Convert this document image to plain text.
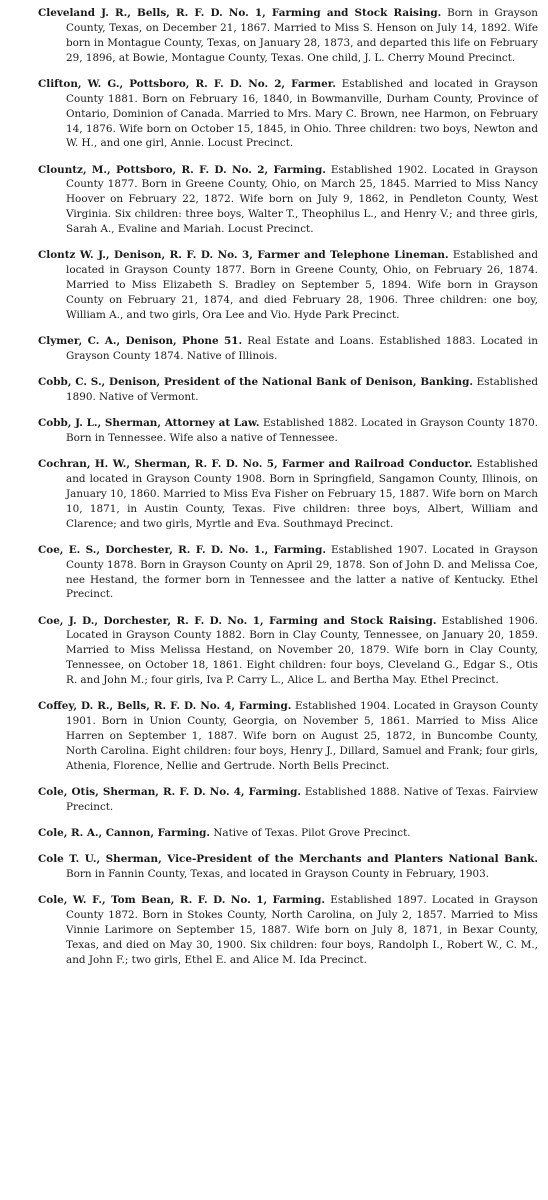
Cleveland J. R., Bells, R. F. D. No. 1, Farming and Stock Raising. Born in Grayson County, Texas, on December 21, 1867. Married to Miss S. Henson on July 14, 1892. Wife born in Montague County, Texas, on January 28, 1873, and departed this life on February 29, 1896, at Bowie, Montague County, Texas. One child, J. L. Cherry Mound Precinct.

Clifton, W. G., Pottsboro, R. F. D. No. 2, Farmer. Established and located in Grayson County 1881. Born on February 16, 1840, in Bowmanville, Durham County, Province of Ontario, Dominion of Canada. Married to Mrs. Mary C. Brown, nee Harmon, on February 14, 1876. Wife born on October 15, 1845, in Ohio. Three children: two boys, Newton and W. H., and one girl, Annie. Locust Precinct.

Clountz, M., Pottsboro, R. F. D. No. 2, Farming. Established 1902. Located in Grayson County 1877. Born in Greene County, Ohio, on March 25, 1845. Married to Miss Nancy Hoover on February 22, 1872. Wife born on July 9, 1862, in Pendleton County, West Virginia. Six children: three boys, Walter T., Theophilus L., and Henry V.; and three girls, Sarah A., Evaline and Mariah. Locust Precinct.

Clontz W. J., Denison, R. F. D. No. 3, Farmer and Telephone Lineman. Established and located in Grayson County 1877. Born in Greene County, Ohio, on February 26, 1874. Married to Miss Elizabeth S. Bradley on September 5, 1894. Wife born in Grayson County on February 21, 1874, and died February 28, 1906. Three children: one boy, William A., and two girls, Ora Lee and Vio. Hyde Park Precinct.

Clymer, C. A., Denison, Phone 51. Real Estate and Loans. Established 1883. Located in Grayson County 1874. Native of Illinois.

Cobb, C. S., Denison, President of the National Bank of Denison, Banking. Established 1890. Native of Vermont.

Cobb, J. L., Sherman, Attorney at Law. Established 1882. Located in Grayson County 1870. Born in Tennessee. Wife also a native of Tennessee.

Cochran, H. W., Sherman, R. F. D. No. 5, Farmer and Railroad Conductor. Established and located in Grayson County 1908. Born in Springfield, Sangamon County, Illinois, on January 10, 1860. Married to Miss Eva Fisher on February 15, 1887. Wife born on March 10, 1871, in Austin County, Texas. Five children: three boys, Albert, William and Clarence; and two girls, Myrtle and Eva. Southmayd Precinct.

Coe, E. S., Dorchester, R. F. D. No. 1., Farming. Established 1907. Located in Grayson County 1878. Born in Grayson County on April 29, 1878. Son of John D. and Melissa Coe, nee Hestand, the former born in Tennessee and the latter a native of Kentucky. Ethel Precinct.

Coe, J. D., Dorchester, R. F. D. No. 1, Farming and Stock Raising. Established 1906. Located in Grayson County 1882. Born in Clay County, Tennessee, on January 20, 1859. Married to Miss Melissa Hestand, on November 20, 1879. Wife born in Clay County, Tennessee, on October 18, 1861. Eight children: four boys, Cleveland G., Edgar S., Otis R. and John M.; four girls, Iva P. Carry L., Alice L. and Bertha May. Ethel Precinct.

Coffey, D. R., Bells, R. F. D. No. 4, Farming. Established 1904. Located in Grayson County 1901. Born in Union County, Georgia, on November 5, 1861. Married to Miss Alice Harren on September 1, 1887. Wife born on August 25, 1872, in Buncombe County, North Carolina. Eight children: four boys, Henry J., Dillard, Samuel and Frank; four girls, Athenia, Florence, Nellie and Gertrude. North Bells Precinct.

Cole, Otis, Sherman, R. F. D. No. 4, Farming. Established 1888. Native of Texas. Fairview Precinct.

Cole, R. A., Cannon, Farming. Native of Texas. Pilot Grove Precinct.

Cole T. U., Sherman, Vice-President of the Merchants and Planters National Bank. Born in Fannin County, Texas, and located in Grayson County in February, 1903.

Cole, W. F., Tom Bean, R. F. D. No. 1, Farming. Established 1897. Located in Grayson County 1872. Born in Stokes County, North Carolina, on July 2, 1857. Married to Miss Vinnie Larimore on September 15, 1887. Wife born on July 8, 1871, in Bexar County, Texas, and died on May 30, 1900. Six children: four boys, Randolph I., Robert W., C. M., and John F.; two girls, Ethel E. and Alice M. Ida Precinct.
